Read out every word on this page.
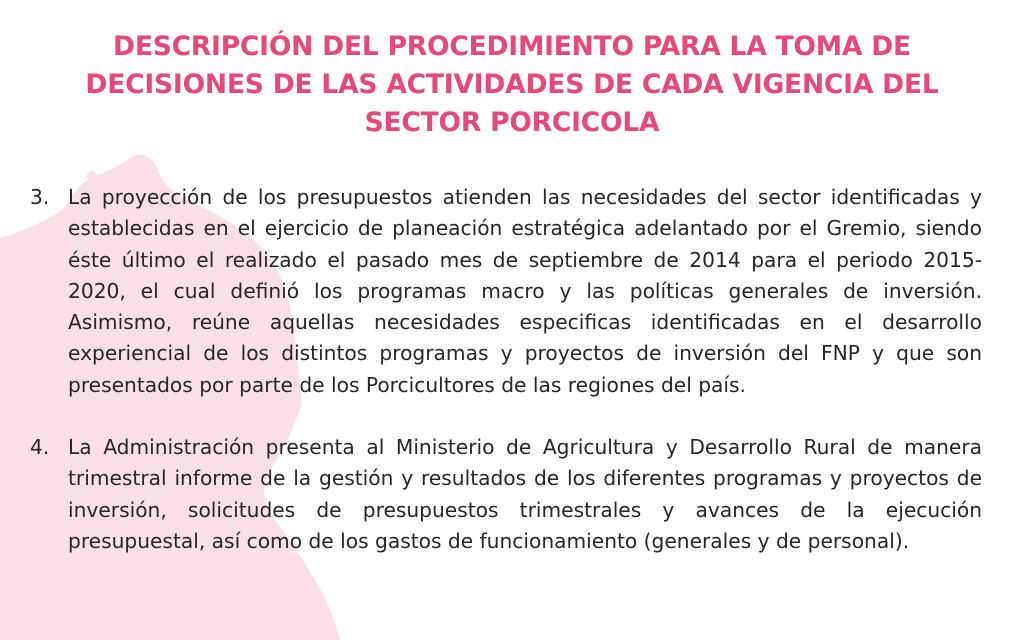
DESCRIPCIÓN DEL PROCEDIMIENTO PARA LA TOMA DE
DECISIONES DE LAS ACTIVIDADES DE CADA VIGENCIA DEL
SECTOR PORCICOLA
3. La proyección de los presupuestos atienden las necesidades del sector identificadas y establecidas en el ejercicio de planeación estratégica adelantado por el Gremio, siendo éste último el realizado el pasado mes de septiembre de 2014 para el periodo 2015-2020, el cual definió los programas macro y las políticas generales de inversión. Asimismo, reúne aquellas necesidades especificas identificadas en el desarrollo experiencial de los distintos programas y proyectos de inversión del FNP y que son presentados por parte de los Porcicultores de las regiones del país.
4. La Administración presenta al Ministerio de Agricultura y Desarrollo Rural de manera trimestral informe de la gestión y resultados de los diferentes programas y proyectos de inversión, solicitudes de presupuestos trimestrales y avances de la ejecución presupuestal, así como de los gastos de funcionamiento (generales y de personal).
